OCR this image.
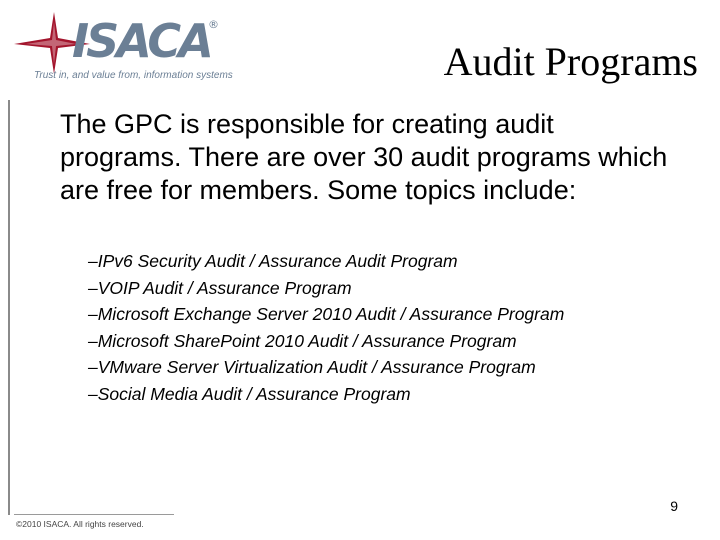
ISACA
®
Trust in, and value from, information systems	Audit Programs
The GPC is responsible for creating audit programs. There are over 30 audit programs which are free for members. Some topics include:
–IPv6 Security Audit / Assurance Audit Program
–VOIP Audit / Assurance Program
–Microsoft Exchange Server 2010 Audit / Assurance Program
–Microsoft SharePoint 2010 Audit / Assurance Program
–VMware Server Virtualization Audit / Assurance Program
–Social Media Audit / Assurance Program
9
©2010 ISACA. All rights reserved.
